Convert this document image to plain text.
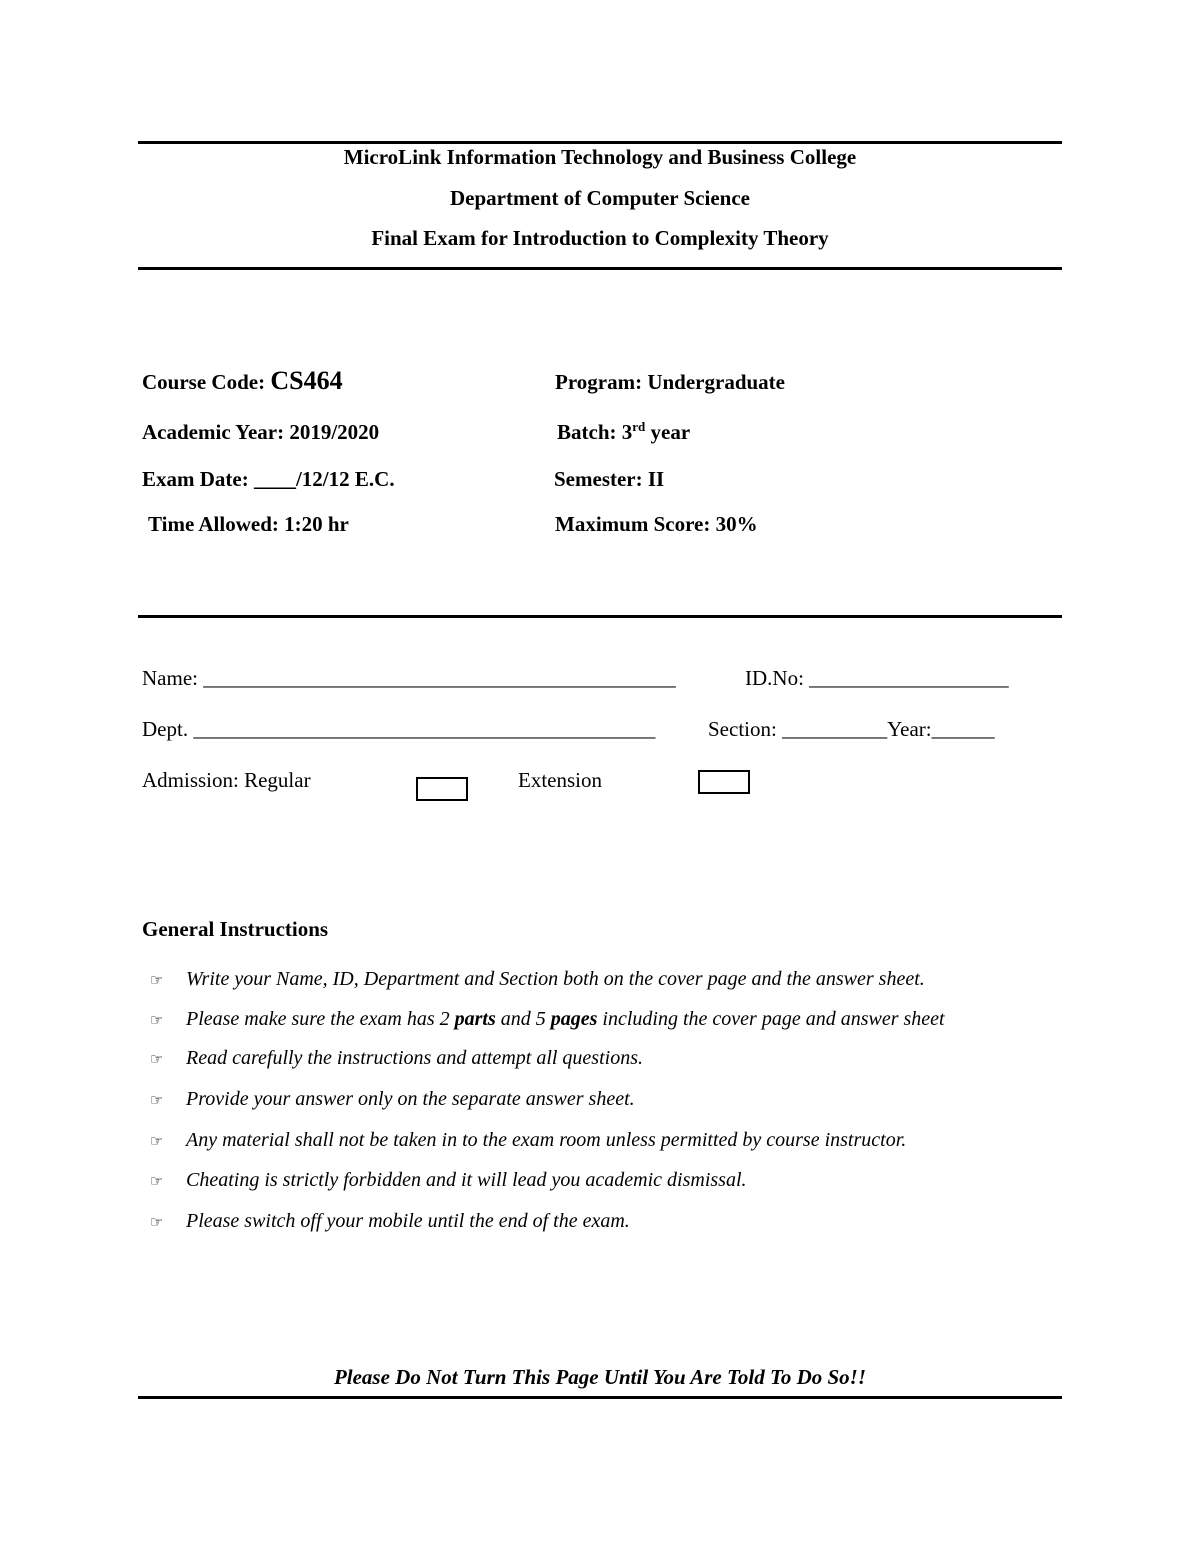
MicroLink Information Technology and Business College
Department of Computer Science
Final Exam for Introduction to Complexity Theory
Course Code: CS464	Program: Undergraduate
Academic Year: 2019/2020	Batch: 3rd year
Exam Date: ____/12/12 E.C.	Semester: II
Time Allowed: 1:20 hr	Maximum Score: 30%
Name: _____________________________________________	ID.No: ___________________
Dept. ____________________________________________	Section: __________Year:______
Admission: Regular	Extension
General Instructions
☞ Write your Name, ID, Department and Section both on the cover page and the answer sheet.
☞ Please make sure the exam has 2 parts and 5 pages including the cover page and answer sheet
☞ Read carefully the instructions and attempt all questions.
☞ Provide your answer only on the separate answer sheet.
☞ Any material shall not be taken in to the exam room unless permitted by course instructor.
☞ Cheating is strictly forbidden and it will lead you academic dismissal.
☞ Please switch off your mobile until the end of the exam.
Please Do Not Turn This Page Until You Are Told To Do So!!
